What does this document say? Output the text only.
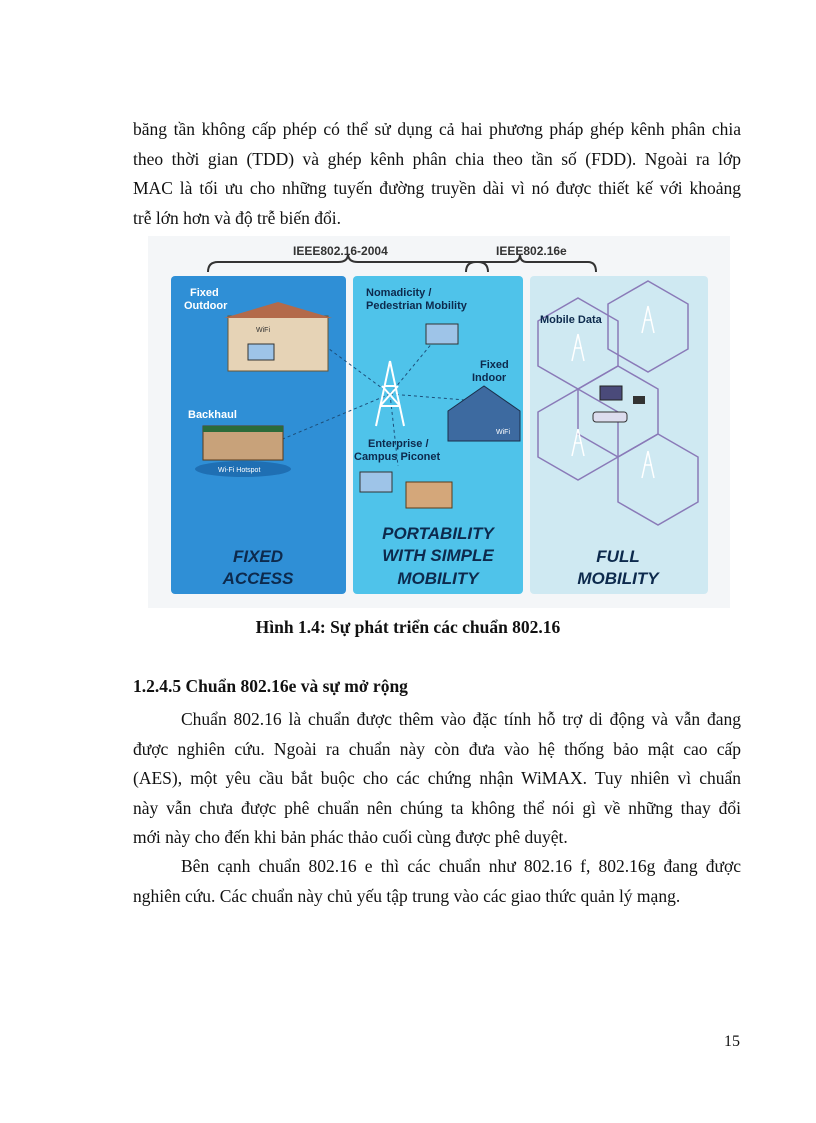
băng tần không cấp phép có thể sử dụng cả hai phương pháp ghép kênh phân chia
theo thời gian (TDD) và ghép kênh phân chia theo tần số (FDD). Ngoài ra lớp
MAC là tối ưu cho những tuyến đường truyền dài vì nó được thiết kế với khoảng
trễ lớn hơn và độ trễ biến đổi.
IEEE802.16-2004	IEEE802.16e
Fixed
Outdoor
WiFi
Backhaul
Wi-Fi Hotspot
FIXED
ACCESS
Nomadicity /
Pedestrian Mobility
Fixed
Indoor
WiFi
Enterprise /
Campus Piconet
PORTABILITY
WITH SIMPLE
MOBILITY
Mobile Data
FULL
MOBILITY
Hình 1.4: Sự phát triển các chuẩn 802.16
1.2.4.5 Chuẩn 802.16e và sự mở rộng
Chuẩn 802.16 là chuẩn được thêm vào đặc tính hỗ trợ di động và vẫn đang
được nghiên cứu. Ngoài ra chuẩn này còn đưa vào hệ thống bảo mật cao cấp
(AES), một yêu cầu bắt buộc cho các chứng nhận WiMAX. Tuy nhiên vì chuẩn
này vẫn chưa được phê chuẩn nên chúng ta không thể nói gì về những thay đổi
mới này cho đến khi bản phác thảo cuối cùng được phê duyệt.
Bên cạnh chuẩn 802.16 e thì các chuẩn như 802.16 f, 802.16g đang được
nghiên cứu. Các chuẩn này chủ yếu tập trung vào các giao thức quản lý mạng.
15
